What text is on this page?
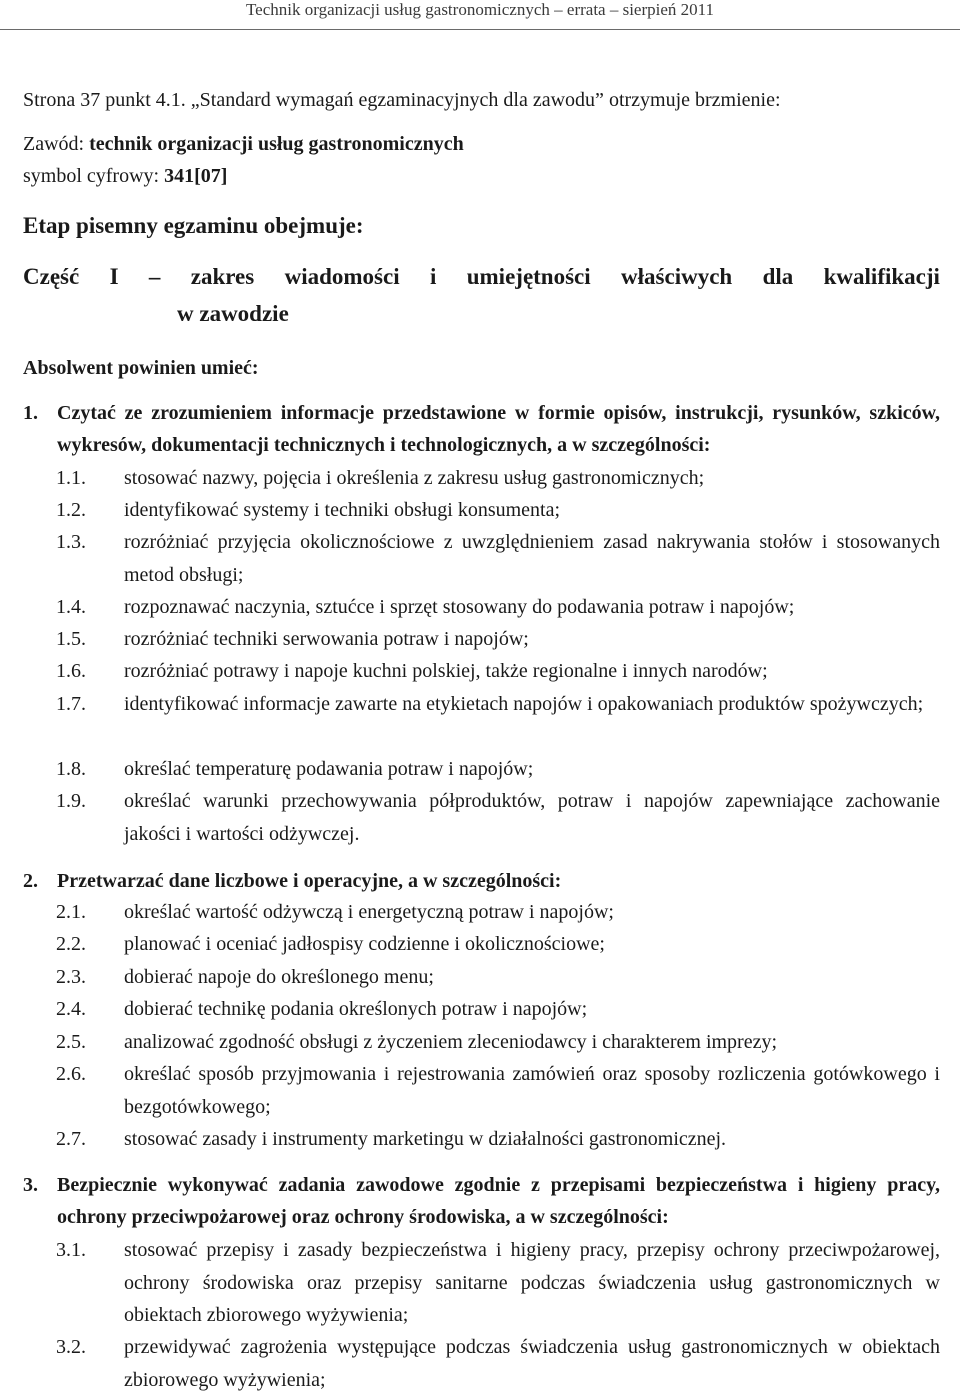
Technik organizacji usług gastronomicznych – errata – sierpień 2011
Strona 37 punkt 4.1. „Standard wymagań egzaminacyjnych dla zawodu” otrzymuje brzmienie:
Zawód: technik organizacji usług gastronomicznych
symbol cyfrowy: 341[07]
Etap pisemny egzaminu obejmuje:
Część I – zakres wiadomości i umiejętności właściwych dla kwalifikacji
w zawodzie
Absolwent powinien umieć:
1. Czytać ze zrozumieniem informacje przedstawione w formie opisów, instrukcji, rysunków, szkiców, wykresów, dokumentacji technicznych i technologicznych, a w szczególności:
1.1. stosować nazwy, pojęcia i określenia z zakresu usług gastronomicznych;
1.2. identyfikować systemy i techniki obsługi konsumenta;
1.3. rozróżniać przyjęcia okolicznościowe z uwzględnieniem zasad nakrywania stołów i stosowanych metod obsługi;
1.4. rozpoznawać naczynia, sztućce i sprzęt stosowany do podawania potraw i napojów;
1.5. rozróżniać techniki serwowania potraw i napojów;
1.6. rozróżniać potrawy i napoje kuchni polskiej, także regionalne i innych narodów;
1.7. identyfikować informacje zawarte na etykietach napojów i opakowaniach produktów spożywczych;
1.8. określać temperaturę podawania potraw i napojów;
1.9. określać warunki przechowywania półproduktów, potraw i napojów zapewniające zachowanie jakości i wartości odżywczej.
2. Przetwarzać dane liczbowe i operacyjne, a w szczególności:
2.1. określać wartość odżywczą i energetyczną potraw i napojów;
2.2. planować i oceniać jadłospisy codzienne i okolicznościowe;
2.3. dobierać napoje do określonego menu;
2.4. dobierać technikę podania określonych potraw i napojów;
2.5. analizować zgodność obsługi z życzeniem zleceniodawcy i charakterem imprezy;
2.6. określać sposób przyjmowania i rejestrowania zamówień oraz sposoby rozliczenia gotówkowego i bezgotówkowego;
2.7. stosować zasady i instrumenty marketingu w działalności gastronomicznej.
3. Bezpiecznie wykonywać zadania zawodowe zgodnie z przepisami bezpieczeństwa i higieny pracy, ochrony przeciwpożarowej oraz ochrony środowiska, a w szczególności:
3.1. stosować przepisy i zasady bezpieczeństwa i higieny pracy, przepisy ochrony przeciwpożarowej, ochrony środowiska oraz przepisy sanitarne podczas świadczenia usług gastronomicznych w obiektach zbiorowego wyżywienia;
3.2. przewidywać zagrożenia występujące podczas świadczenia usług gastronomicznych w obiektach zbiorowego wyżywienia;
